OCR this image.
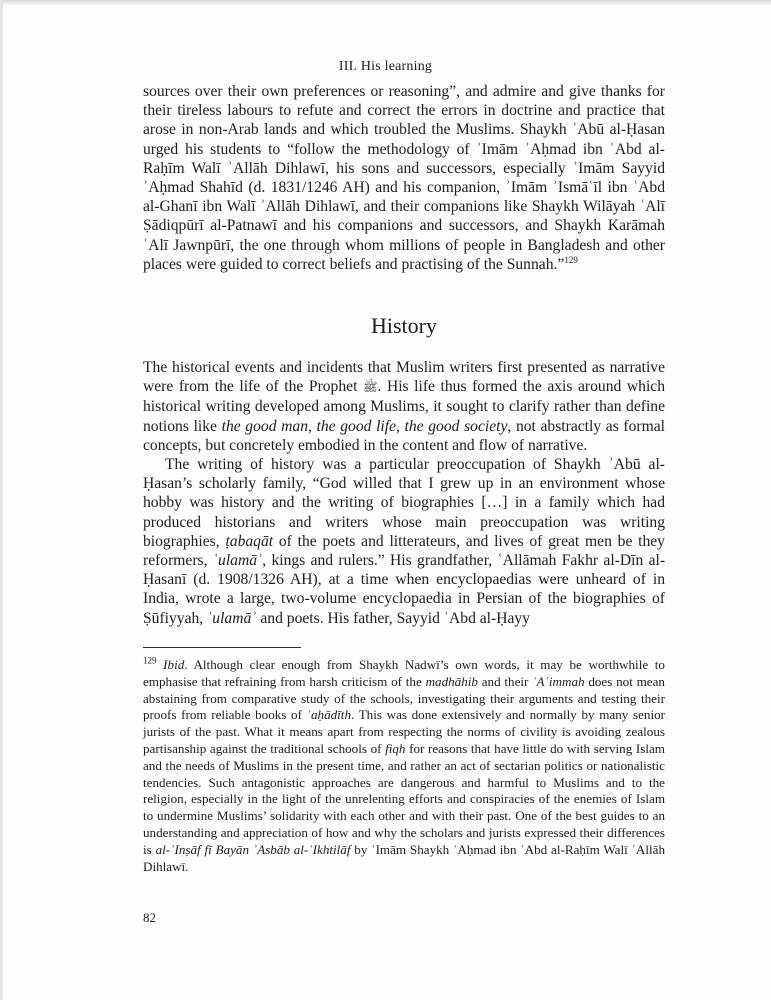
III. His learning

sources over their own preferences or reasoning”, and admire and give thanks for their tireless labours to refute and correct the errors in doctrine and practice that arose in non-Arab lands and which troubled the Muslims. Shaykh ʾAbū al-Ḥasan urged his students to “follow the methodology of ʾImām ʾAḥmad ibn ʿAbd al-Raḥīm Walī ʾAllāh Dihlawī, his sons and successors, especially ʾImām Sayyid ʾAḥmad Shahīd (d. 1831/1246 AH) and his companion, ʾImām ʾIsmāʿīl ibn ʿAbd al-Ghanī ibn Walī ʾAllāh Dihlawī, and their companions like Shaykh Wilāyah ʿAlī Ṣādiqpūrī al-Patnawī and his companions and successors, and Shaykh Karāmah ʿAlī Jawnpūrī, the one through whom millions of people in Bangladesh and other places were guided to correct beliefs and practising of the Sunnah.”$^{129}$

History

The historical events and incidents that Muslim writers first presented as narrative were from the life of the Prophet ﷺ. His life thus formed the axis around which historical writing developed among Muslims, it sought to clarify rather than define notions like the good man, the good life, the good society, not abstractly as formal concepts, but concretely embodied in the content and flow of narrative.

The writing of history was a particular preoccupation of Shaykh ʾAbū al-Ḥasan’s scholarly family, “God willed that I grew up in an environment whose hobby was history and the writing of biographies […] in a family which had produced historians and writers whose main preoccupation was writing biographies, ṭabaqāt of the poets and litterateurs, and lives of great men be they reformers, ʿulamāʾ, kings and rulers.” His grandfather, ʿAllāmah Fakhr al-Dīn al-Ḥasanī (d. 1908/1326 AH), at a time when encyclopaedias were unheard of in India, wrote a large, two-volume encyclopaedia in Persian of the biographies of Ṣūfiyyah, ʿulamāʾ and poets. His father, Sayyid ʿAbd al-Ḥayy

$^{129}$ Ibid. Although clear enough from Shaykh Nadwī’s own words, it may be worthwhile to emphasise that refraining from harsh criticism of the madhāhib and their ʾAʾimmah does not mean abstaining from comparative study of the schools, investigating their arguments and testing their proofs from reliable books of ʾaḥādīth. This was done extensively and normally by many senior jurists of the past. What it means apart from respecting the norms of civility is avoiding zealous partisanship against the traditional schools of fiqh for reasons that have little do with serving Islam and the needs of Muslims in the present time, and rather an act of sectarian politics or nationalistic tendencies. Such antagonistic approaches are dangerous and harmful to Muslims and to the religion, especially in the light of the unrelenting efforts and conspiracies of the enemies of Islam to undermine Muslims’ solidarity with each other and with their past. One of the best guides to an understanding and appreciation of how and why the scholars and jurists expressed their differences is al-ʾInṣāf fī Bayān ʾAsbāb al-ʾIkhtilāf by ʾImām Shaykh ʾAḥmad ibn ʿAbd al-Raḥīm Walī ʾAllāh Dihlawī.

82
